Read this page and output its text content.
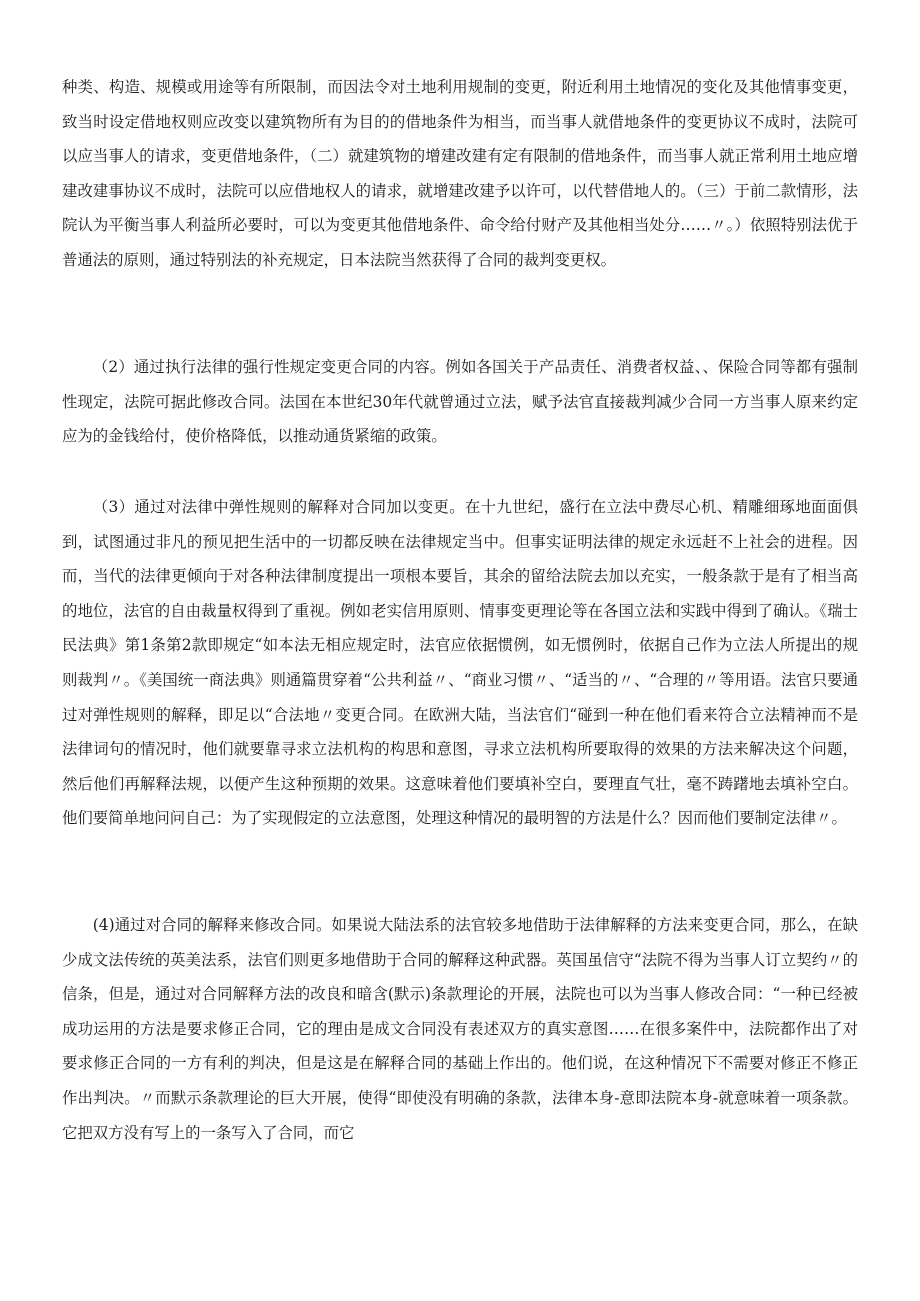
种类、构造、规模或用途等有所限制，而因法令对土地利用规制的变更，附近利用土地情况的变化及其他情事变更，致当时设定借地权则应改变以建筑物所有为目的的借地条件为相当，而当事人就借地条件的变更协议不成时，法院可以应当事人的请求，变更借地条件，（二）就建筑物的增建改建有定有限制的借地条件，而当事人就正常利用土地应增建改建事协议不成时，法院可以应借地权人的请求，就增建改建予以许可，以代替借地人的。（三）于前二款情形，法院认为平衡当事人利益所必要时，可以为变更其他借地条件、命令给付财产及其他相当处分……〃。）依照特别法优于普通法的原则，通过特别法的补充规定，日本法院当然获得了合同的裁判变更权。

（2）通过执行法律的强行性规定变更合同的内容。例如各国关于产品责任、消费者权益、、保险合同等都有强制性现定，法院可据此修改合同。法国在本世纪30年代就曾通过立法，赋予法官直接裁判减少合同一方当事人原来约定应为的金钱给付，使价格降低，以推动通货紧缩的政策。

（3）通过对法律中弹性规则的解释对合同加以变更。在十九世纪，盛行在立法中费尽心机、精雕细琢地面面俱到，试图通过非凡的预见把生活中的一切都反映在法律规定当中。但事实证明法律的规定永远赶不上社会的进程。因而，当代的法律更倾向于对各种法律制度提出一项根本要旨，其余的留给法院去加以充实，一般条款于是有了相当高的地位，法官的自由裁量权得到了重视。例如老实信用原则、情事变更理论等在各国立法和实践中得到了确认。《瑞士民法典》第1条第2款即规定“如本法无相应规定时，法官应依据惯例，如无惯例时，依据自己作为立法人所提出的规则裁判〃。《美国统一商法典》则通篇贯穿着“公共利益〃、“商业习惯〃、“适当的〃、“合理的〃等用语。法官只要通过对弹性规则的解释，即足以“合法地〃变更合同。在欧洲大陆，当法官们“碰到一种在他们看来符合立法精神而不是法律词句的情况时，他们就要靠寻求立法机构的构思和意图，寻求立法机构所要取得的效果的方法来解决这个问题，然后他们再解释法规，以便产生这种预期的效果。这意味着他们要填补空白，要理直气壮，毫不踌躇地去填补空白。他们要简单地问问自己：为了实现假定的立法意图，处理这种情况的最明智的方法是什么？因而他们要制定法律〃。

(4)通过对合同的解释来修改合同。如果说大陆法系的法官较多地借助于法律解释的方法来变更合同，那么，在缺少成文法传统的英美法系，法官们则更多地借助于合同的解释这种武器。英国虽信守“法院不得为当事人订立契约〃的信条，但是，通过对合同解释方法的改良和暗含(默示)条款理论的开展，法院也可以为当事人修改合同：“一种已经被成功运用的方法是要求修正合同，它的理由是成文合同没有表述双方的真实意图……在很多案件中，法院都作出了对要求修正合同的一方有利的判决，但是这是在解释合同的基础上作出的。他们说，在这种情况下不需要对修正不修正作出判决。〃而默示条款理论的巨大开展，使得“即使没有明确的条款，法律本身-意即法院本身-就意味着一项条款。它把双方没有写上的一条写入了合同，而它
